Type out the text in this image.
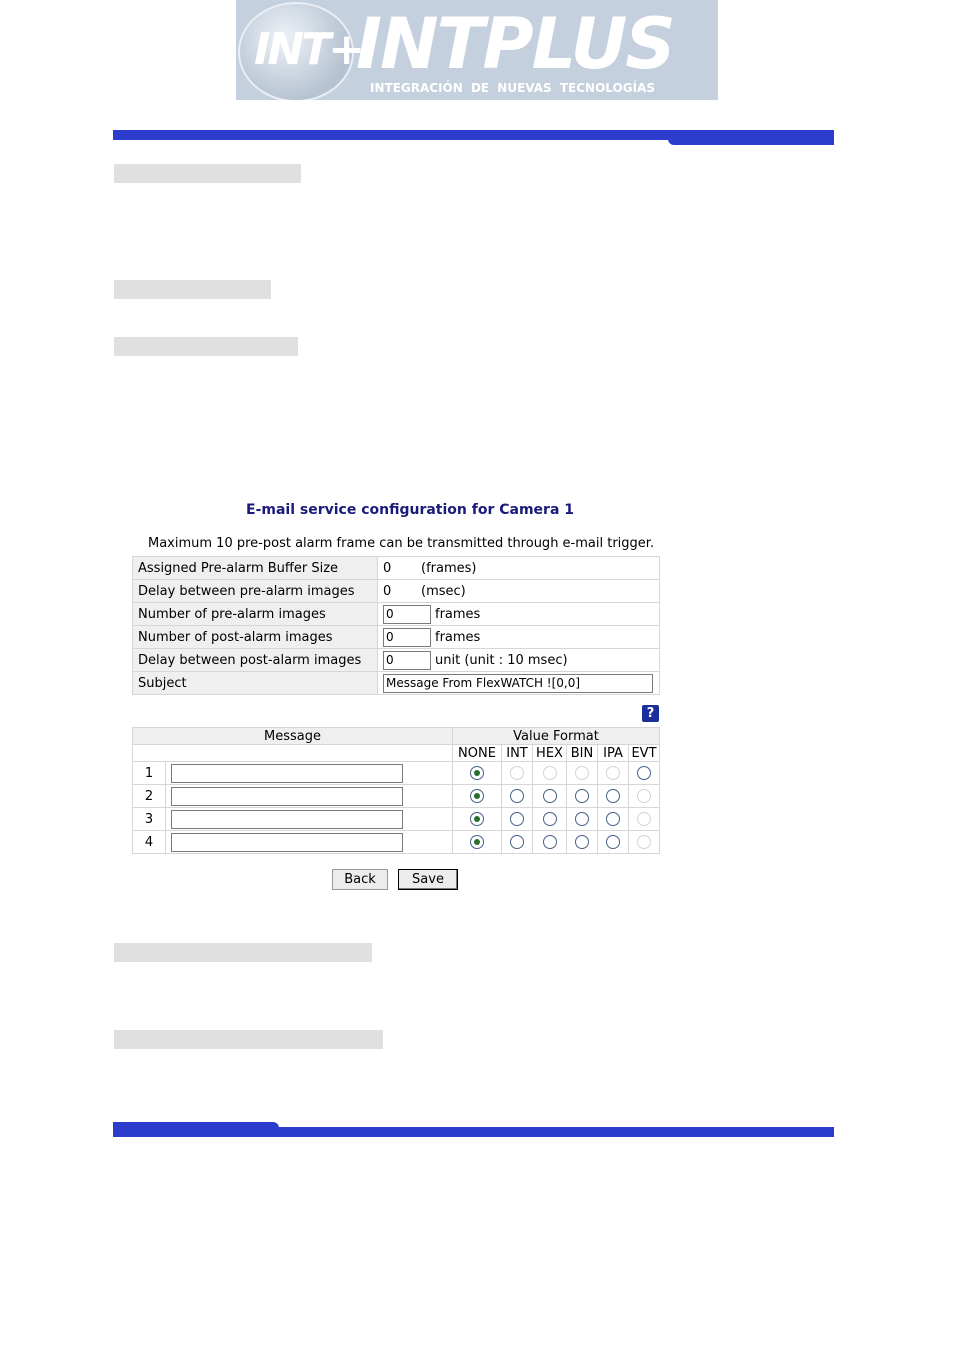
INT+
INTPLUS
INTEGRACIÓN DE NUEVAS TECNOLOGÍAS
E-mail service configuration for Camera 1
Maximum 10 pre-post alarm frame can be transmitted through e-mail trigger.
Assigned Pre-alarm Buffer Size	0 (frames)
Delay between pre-alarm images	0 (msec)
Number of pre-alarm images	0 frames
Number of post-alarm images	0 frames
Delay between post-alarm images	0 unit (unit : 10 msec)
Subject	Message From FlexWATCH ![0,0]
?
Message		Value Format					
		NONE	INT	HEX	BIN	IPA	EVT
1							
2							
3							
4							
Back	Save
